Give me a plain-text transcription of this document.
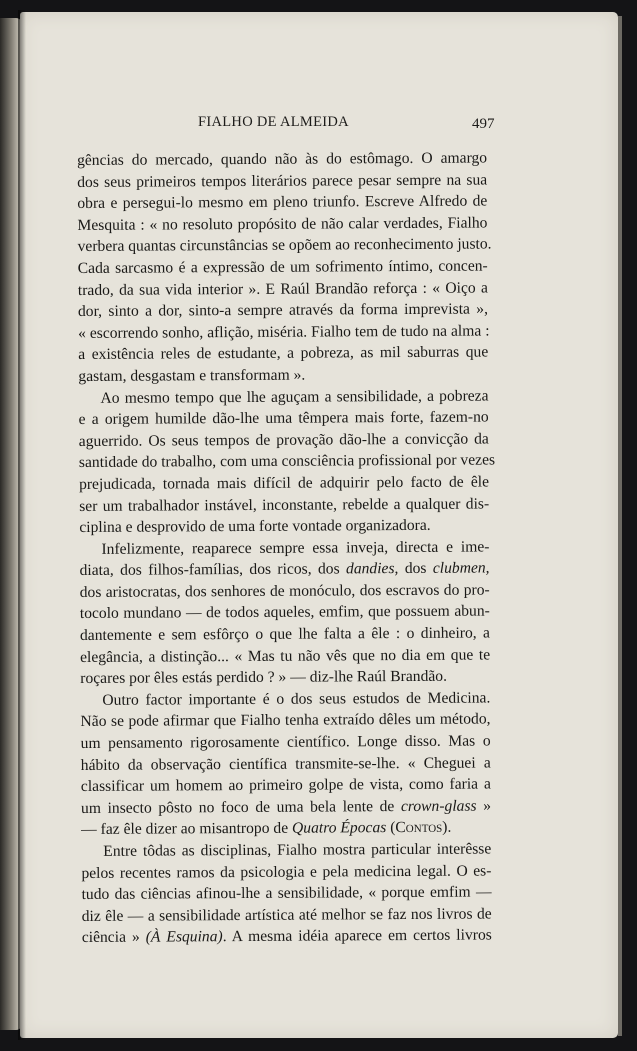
FIALHO DE ALMEIDA	497
gências do mercado, quando não às do estômago. O amargo
dos seus primeiros tempos literários parece pesar sempre na sua
obra e persegui-lo mesmo em pleno triunfo. Escreve Alfredo de
Mesquita : « no resoluto propósito de não calar verdades, Fialho
verbera quantas circunstâncias se opõem ao reconhecimento justo.
Cada sarcasmo é a expressão de um sofrimento íntimo, concen-
trado, da sua vida interior ». E Raúl Brandão reforça : « Oiço a
dor, sinto a dor, sinto-a sempre através da forma imprevista »,
« escorrendo sonho, aflição, miséria. Fialho tem de tudo na alma :
a existência reles de estudante, a pobreza, as mil saburras que
gastam, desgastam e transformam ».
Ao mesmo tempo que lhe aguçam a sensibilidade, a pobreza
e a origem humilde dão-lhe uma têmpera mais forte, fazem-no
aguerrido. Os seus tempos de provação dão-lhe a convicção da
santidade do trabalho, com uma consciência profissional por vezes
prejudicada, tornada mais difícil de adquirir pelo facto de êle
ser um trabalhador instável, inconstante, rebelde a qualquer dis-
ciplina e desprovido de uma forte vontade organizadora.
Infelizmente, reaparece sempre essa inveja, directa e ime-
diata, dos filhos-famílias, dos ricos, dos dandies, dos clubmen,
dos aristocratas, dos senhores de monóculo, dos escravos do pro-
tocolo mundano — de todos aqueles, emfim, que possuem abun-
dantemente e sem esfôrço o que lhe falta a êle : o dinheiro, a
elegância, a distinção... « Mas tu não vês que no dia em que te
roçares por êles estás perdido ? » — diz-lhe Raúl Brandão.
Outro factor importante é o dos seus estudos de Medicina.
Não se pode afirmar que Fialho tenha extraído dêles um método,
um pensamento rigorosamente científico. Longe disso. Mas o
hábito da observação científica transmite-se-lhe. « Cheguei a
classificar um homem ao primeiro golpe de vista, como faria a
um insecto pôsto no foco de uma bela lente de crown-glass »
— faz êle dizer ao misantropo de Quatro Épocas (Contos).
Entre tôdas as disciplinas, Fialho mostra particular interêsse
pelos recentes ramos da psicologia e pela medicina legal. O es-
tudo das ciências afinou-lhe a sensibilidade, « porque emfim —
diz êle — a sensibilidade artística até melhor se faz nos livros de
ciência » (À Esquina). A mesma idéia aparece em certos livros
